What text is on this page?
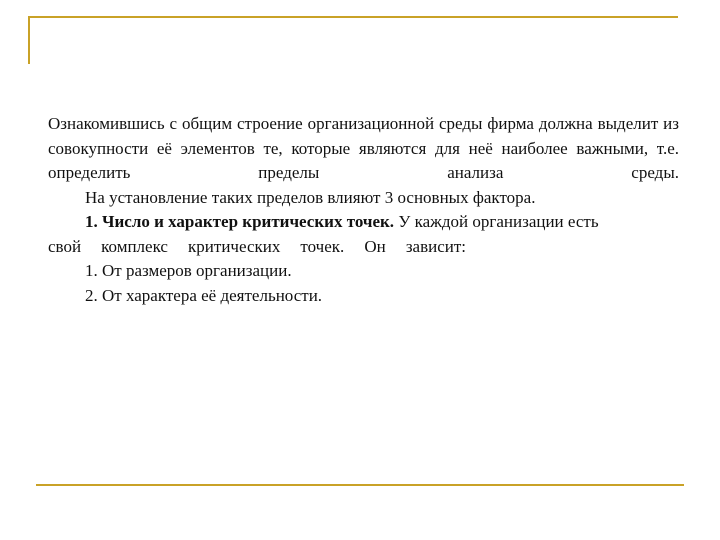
Ознакомившись с общим строение организационной среды фирма должна выделит из совокупности её элементов те, которые являются для неё наиболее важными, т.е. определить пределы анализа среды.

На установление таких пределов влияют 3 основных фактора.

1. Число и характер критических точек. У каждой организации есть

свой комплекс критических точек. Он зависит:

1. От размеров организации.

2. От характера её деятельности.
